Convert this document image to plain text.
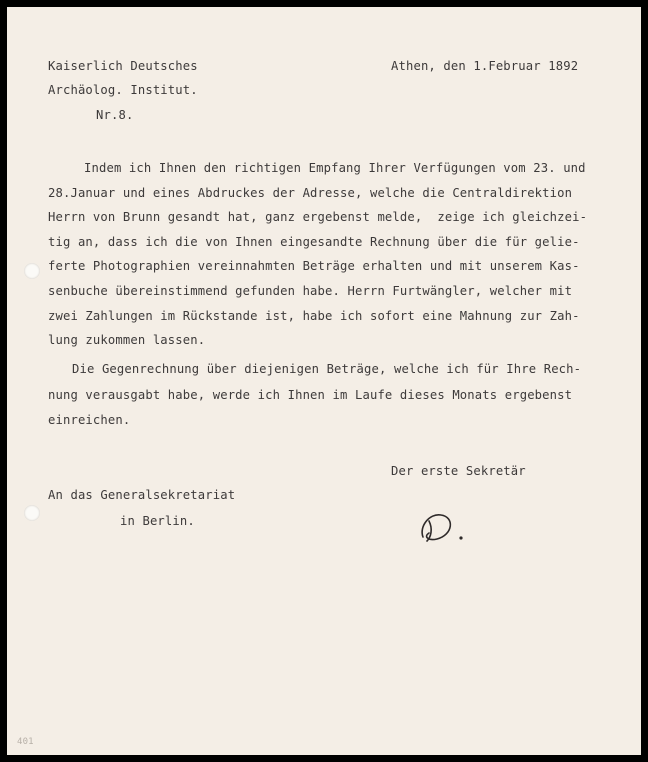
Kaiserlich Deutsches
Archäolog. Institut.
Nr.8.
Athen, den 1.Februar 1892
Indem ich Ihnen den richtigen Empfang Ihrer Verfügungen vom 23. und
28.Januar und eines Abdruckes der Adresse, welche die Centraldirektion
Herrn von Brunn gesandt hat, ganz ergebenst melde,  zeige ich gleichzei-
tig an, dass ich die von Ihnen eingesandte Rechnung über die für gelie-
ferte Photographien vereinnahmten Beträge erhalten und mit unserem Kas-
senbuche übereinstimmend gefunden habe. Herrn Furtwängler, welcher mit
zwei Zahlungen im Rückstande ist, habe ich sofort eine Mahnung zur Zah-
lung zukommen lassen.
Die Gegenrechnung über diejenigen Beträge, welche ich für Ihre Rech-
nung verausgabt habe, werde ich Ihnen im Laufe dieses Monats ergebenst
einreichen.
Der erste Sekretär

An das Generalsekretariat
in Berlin.
401
